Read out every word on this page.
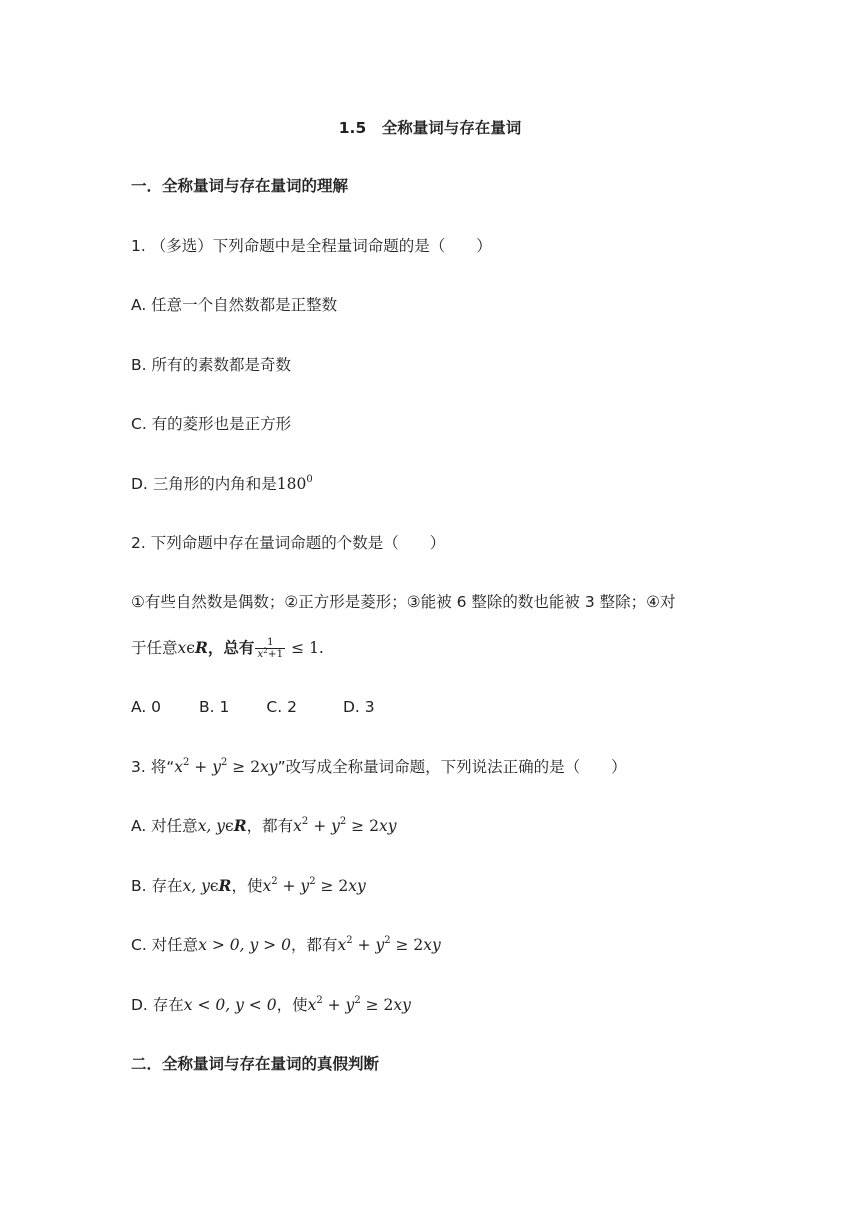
1.5　全称量词与存在量词
一．全称量词与存在量词的理解
1. （多选）下列命题中是全程量词命题的是（　　）
A. 任意一个自然数都是正整数
B. 所有的素数都是奇数
C. 有的菱形也是正方形
D. 三角形的内角和是$180^0$
2. 下列命题中存在量词命题的个数是（　　）
①有些自然数是偶数；②正方形是菱形；③能被 6 整除的数也能被 3 整除；④对
于任意xϵR，总有 $\frac{1}{x^2+1} \le 1$.
A. 0 B. 1 C. 2	D. 3
3. 将“$x^2 + y^2 \ge 2xy$”改写成全称量词命题，下列说法正确的是（　　）
A. 对任意x, yϵR，都有$x^2 + y^2 \ge 2xy$
B. 存在x, yϵR，使$x^2 + y^2 \ge 2xy$
C. 对任意x > 0, y > 0，都有$x^2 + y^2 \ge 2xy$
D. 存在x < 0, y < 0，使$x^2 + y^2 \ge 2xy$
二．全称量词与存在量词的真假判断
